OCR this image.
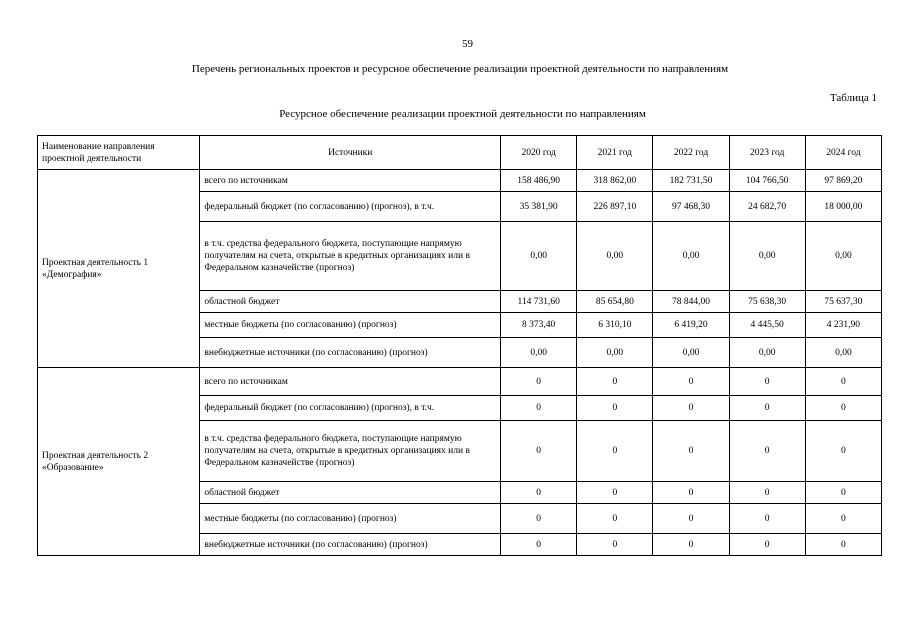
59
Перечень региональных проектов и ресурсное обеспечение реализации проектной деятельности по направлениям
Таблица 1
Ресурсное обеспечение реализации проектной деятельности по направлениям
Наименование направления проектной деятельности	Источники	2020 год	2021 год	2022 год	2023 год	2024 год
Проектная деятельность 1 «Демография»	всего по источникам	158 486,90	318 862,00	182 731,50	104 766,50	97 869,20
	федеральный бюджет (по согласованию) (прогноз), в т.ч.	35 381,90	226 897,10	97 468,30	24 682,70	18 000,00
	в т.ч. средства федерального бюджета, поступающие напрямую получателям на счета, открытые в кредитных организациях или в Федеральном казначействе (прогноз)	0,00	0,00	0,00	0,00	0,00
	областной бюджет	114 731,60	85 654,80	78 844,00	75 638,30	75 637,30
	местные бюджеты (по согласованию) (прогноз)	8 373,40	6 310,10	6 419,20	4 445,50	4 231,90
	внебюджетные источники (по согласованию) (прогноз)	0,00	0,00	0,00	0,00	0,00
Проектная деятельность 2 «Образование»	всего по источникам	0	0	0	0	0
	федеральный бюджет (по согласованию) (прогноз), в т.ч.	0	0	0	0	0
	в т.ч. средства федерального бюджета, поступающие напрямую получателям на счета, открытые в кредитных организациях или в Федеральном казначействе (прогноз)	0	0	0	0	0
	областной бюджет	0	0	0	0	0
	местные бюджеты (по согласованию) (прогноз)	0	0	0	0	0
	внебюджетные источники (по согласованию) (прогноз)	0	0	0	0	0
